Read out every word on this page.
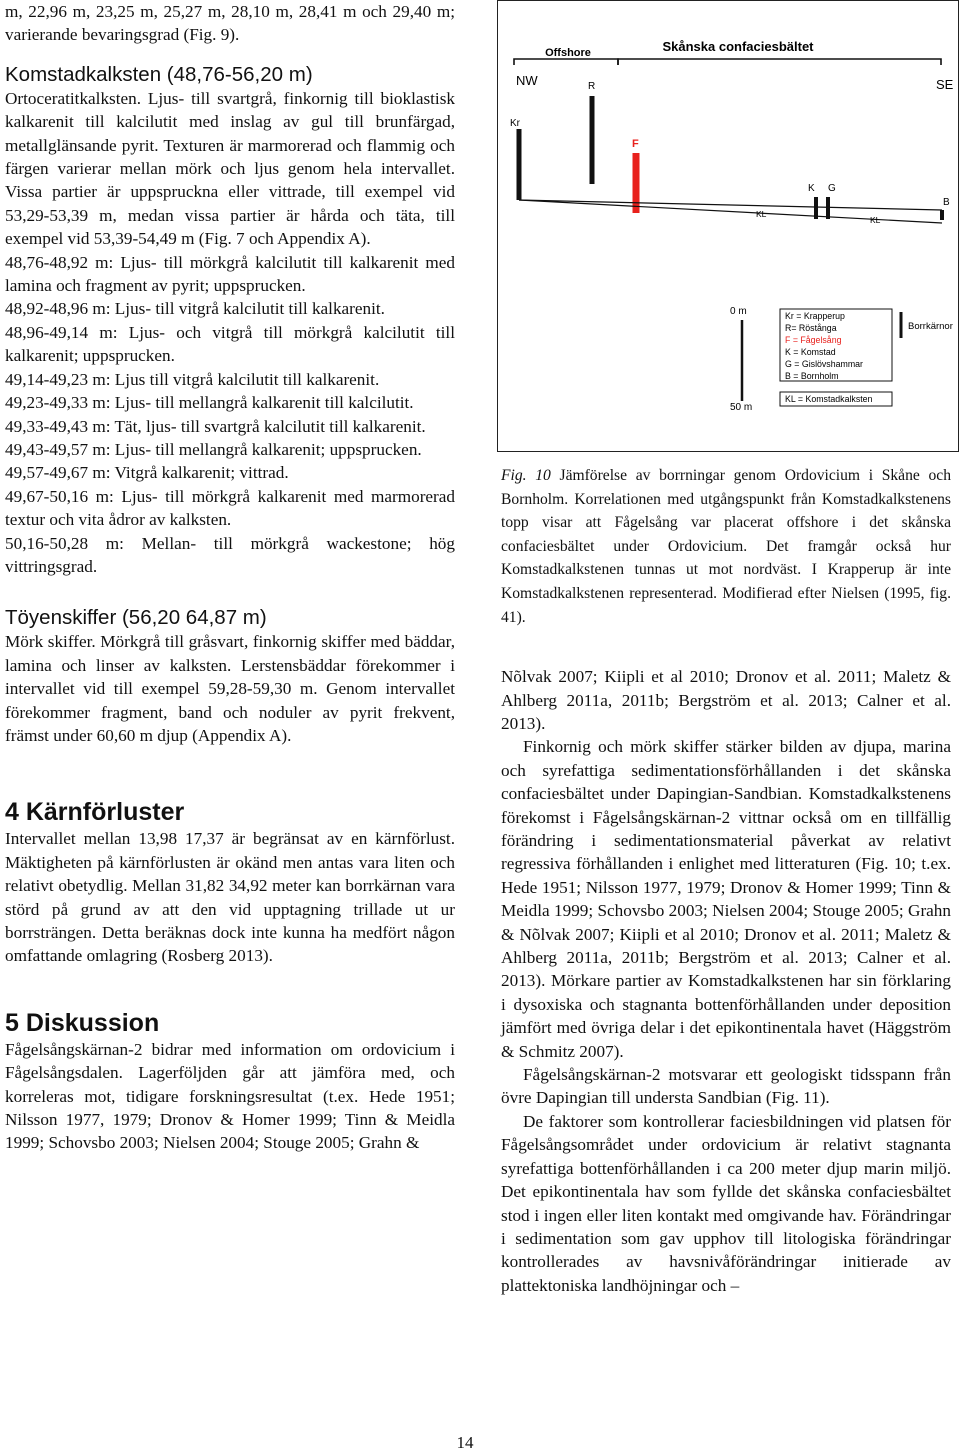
m, 22,96 m, 23,25 m, 25,27 m, 28,10 m, 28,41 m och 29,40 m; varierande bevaringsgrad (Fig. 9).

Komstadkalksten (48,76-56,20 m)

Ortoceratitkalksten. Ljus- till svartgrå, finkornig till bioklastisk kalkarenit till kalcilutit med inslag av gul till brunfärgad, metallglänsande pyrit. Texturen är marmorerad och flammig och färgen varierar mellan mörk och ljus genom hela intervallet. Vissa partier är uppspruckna eller vittrade, till exempel vid 53,29-53,39 m, medan vissa partier är hårda och täta, till exempel vid 53,39-54,49 m (Fig. 7 och Appendix A).

48,76-48,92 m: Ljus- till mörkgrå kalcilutit till kalkarenit med lamina och fragment av pyrit; uppsprucken.

48,92-48,96 m: Ljus- till vitgrå kalcilutit till kalkarenit.

48,96-49,14 m: Ljus- och vitgrå till mörkgrå kalcilutit till kalkarenit; uppsprucken.

49,14-49,23 m: Ljus till vitgrå kalcilutit till kalkarenit.

49,23-49,33 m: Ljus- till mellangrå kalkarenit till kalcilutit.

49,33-49,43 m: Tät, ljus- till svartgrå kalcilutit till kalkarenit.

49,43-49,57 m: Ljus- till mellangrå kalkarenit; uppsprucken.

49,57-49,67 m: Vitgrå kalkarenit; vittrad.

49,67-50,16 m: Ljus- till mörkgrå kalkarenit med marmorerad textur och vita ådror av kalksten.

50,16-50,28 m: Mellan- till mörkgrå wackestone; hög vittringsgrad.

Töyenskiffer (56,20 64,87 m)

Mörk skiffer. Mörkgrå till gråsvart, finkornig skiffer med bäddar, lamina och linser av kalksten. Lerstensbäddar förekommer i intervallet vid till exempel 59,28-59,30 m. Genom intervallet förekommer fragment, band och noduler av pyrit frekvent, främst under 60,60 m djup (Appendix A).

4 Kärnförluster

Intervallet mellan 13,98 17,37 är begränsat av en kärnförlust. Mäktigheten på kärnförlusten är okänd men antas vara liten och relativt obetydlig. Mellan 31,82 34,92 meter kan borrkärnan vara störd på grund av att den vid upptagning trillade ut ur borrsträngen. Detta beräknas dock inte kunna ha medfört någon omfattande omlagring (Rosberg 2013).

5 Diskussion

Fågelsångskärnan-2 bidrar med information om ordovicium i Fågelsångsdalen. Lagerföljden går att jämföra med, och korreleras mot, tidigare forskningsresultat (t.ex. Hede 1951; Nilsson 1977, 1979; Dronov & Homer 1999; Tinn & Meidla 1999; Schovsbo 2003; Nielsen 2004; Stouge 2005; Grahn &

Offshore	Skånska confaciesbältet
NW	SE
Kr
R
F
K G
B
KL
KL
0 m
50 m
Kr = Krapperup
R= Röstånga
F = Fågelsång
K = Komstad
G = Gislövshammar
B = Bornholm
KL = Komstadkalksten
Borrkärnor

Fig. 10 Jämförelse av borrningar genom Ordovicium i Skåne och Bornholm. Korrelationen med utgångspunkt från Komstadkalkstenens topp visar att Fågelsång var placerat offshore i det skånska confaciesbältet under Ordovicium. Det framgår också hur Komstadkalkstenen tunnas ut mot nordväst. I Krapperup är inte Komstadkalkstenen representerad. Modifierad efter Nielsen (1995, fig. 41).

Nõlvak 2007; Kiipli et al 2010; Dronov et al. 2011; Maletz & Ahlberg 2011a, 2011b; Bergström et al. 2013; Calner et al. 2013).

Finkornig och mörk skiffer stärker bilden av djupa, marina och syrefattiga sedimentationsförhållanden i det skånska confaciesbältet under Dapingian-Sandbian. Komstadkalkstenens förekomst i Fågelsångskärnan-2 vittnar också om en tillfällig förändring i sedimentationsmaterial påverkat av relativt regressiva förhållanden i enlighet med litteraturen (Fig. 10; t.ex. Hede 1951; Nilsson 1977, 1979; Dronov & Homer 1999; Tinn & Meidla 1999; Schovsbo 2003; Nielsen 2004; Stouge 2005; Grahn & Nõlvak 2007; Kiipli et al 2010; Dronov et al. 2011; Maletz & Ahlberg 2011a, 2011b; Bergström et al. 2013; Calner et al. 2013). Mörkare partier av Komstadkalkstenen har sin förklaring i dysoxiska och stagnanta bottenförhållanden under deposition jämfört med övriga delar i det epikontinentala havet (Häggström & Schmitz 2007).

Fågelsångskärnan-2 motsvarar ett geologiskt tidsspann från övre Dapingian till understa Sandbian (Fig. 11).

De faktorer som kontrollerar faciesbildningen vid platsen för Fågelsångsområdet under ordovicium är relativt stagnanta syrefattiga bottenförhållanden i ca 200 meter djup marin miljö. Det epikontinentala hav som fyllde det skånska confaciesbältet stod i ingen eller liten kontakt med omgivande hav. Förändringar i sedimentation som gav upphov till litologiska förändringar kontrollerades av havsnivåförändringar initierade av plattektoniska landhöjningar och –

14
